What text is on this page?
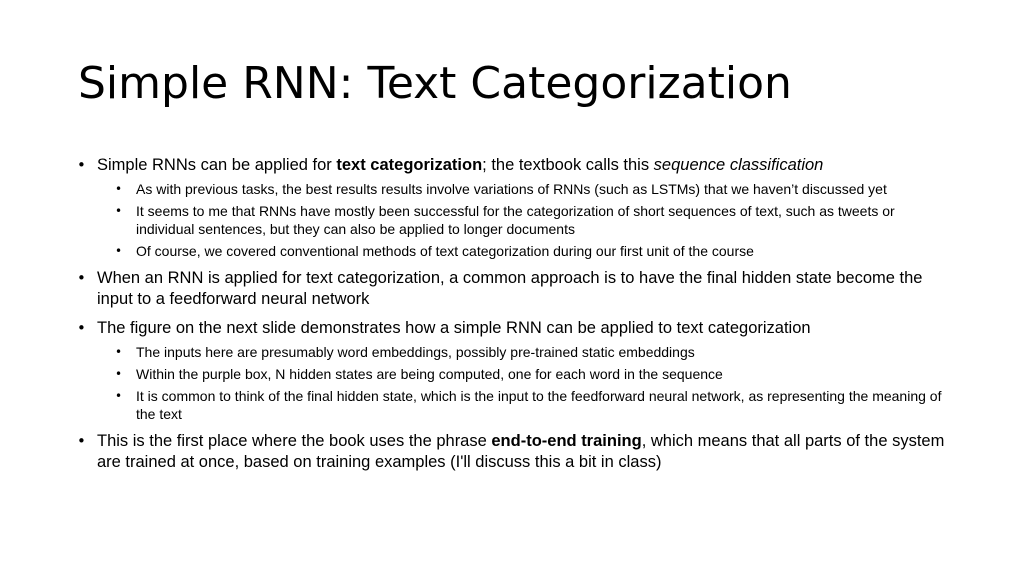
Simple RNN: Text Categorization
• Simple RNNs can be applied for text categorization; the textbook calls this sequence classification
• As with previous tasks, the best results results involve variations of RNNs (such as LSTMs) that we haven’t discussed yet
• It seems to me that RNNs have mostly been successful for the categorization of short sequences of text, such as tweets or individual sentences, but they can also be applied to longer documents
• Of course, we covered conventional methods of text categorization during our first unit of the course
• When an RNN is applied for text categorization, a common approach is to have the final hidden state become the input to a feedforward neural network
• The figure on the next slide demonstrates how a simple RNN can be applied to text categorization
• The inputs here are presumably word embeddings, possibly pre-trained static embeddings
• Within the purple box, N hidden states are being computed, one for each word in the sequence
• It is common to think of the final hidden state, which is the input to the feedforward neural network, as representing the meaning of the text
• This is the first place where the book uses the phrase end-to-end training, which means that all parts of the system are trained at once, based on training examples (I'll discuss this a bit in class)
